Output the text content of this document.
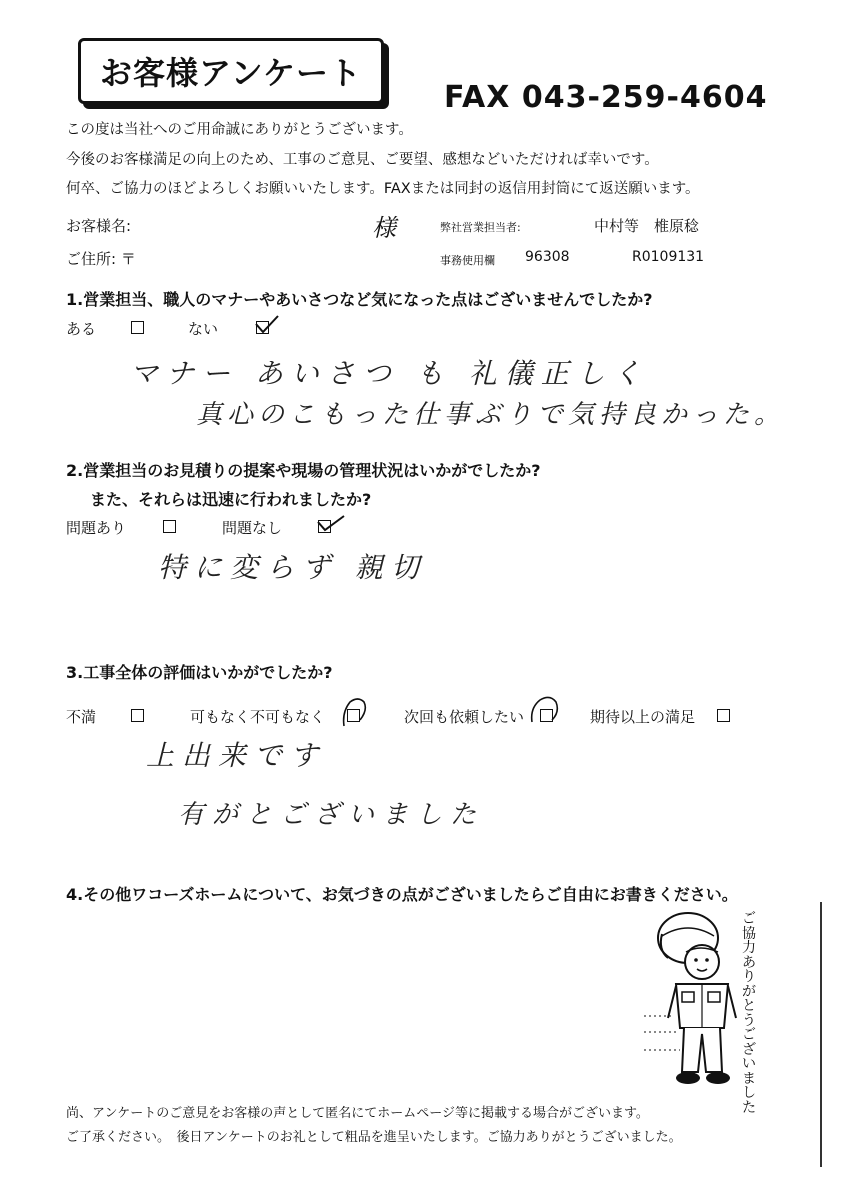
お客様アンケート
FAX 043-259-4604
この度は当社へのご用命誠にありがとうございます。
今後のお客様満足の向上のため、工事のご意見、ご要望、感想などいただければ幸いです。
何卒、ご協力のほどよろしくお願いいたします。FAXまたは同封の返信用封筒にて返送願います。
お客様名:	様	弊社営業担当者:	中村等　椎原稔
ご住所: 〒	事務使用欄 96308	R0109131
1.営業担当、職人のマナーやあいさつなど気になった点はございませんでしたか?
ある	ない
マナー あいさつ も 礼儀正しく
真心のこもった仕事ぶりで気持良かった。
2.営業担当のお見積りの提案や現場の管理状況はいかがでしたか?
また、それらは迅速に行われましたか?
問題あり	問題なし
特に変らず 親切
3.工事全体の評価はいかがでしたか?
不満	可もなく不可もなく	次回も依頼したい	期待以上の満足
上出来です
有がとございました
4.その他ワコーズホームについて、お気づきの点がございましたらご自由にお書きください。
ご協力ありがとうございました
尚、アンケートのご意見をお客様の声として匿名にてホームページ等に掲載する場合がございます。
ご了承ください。　後日アンケートのお礼として粗品を進呈いたします。ご協力ありがとうございました。
